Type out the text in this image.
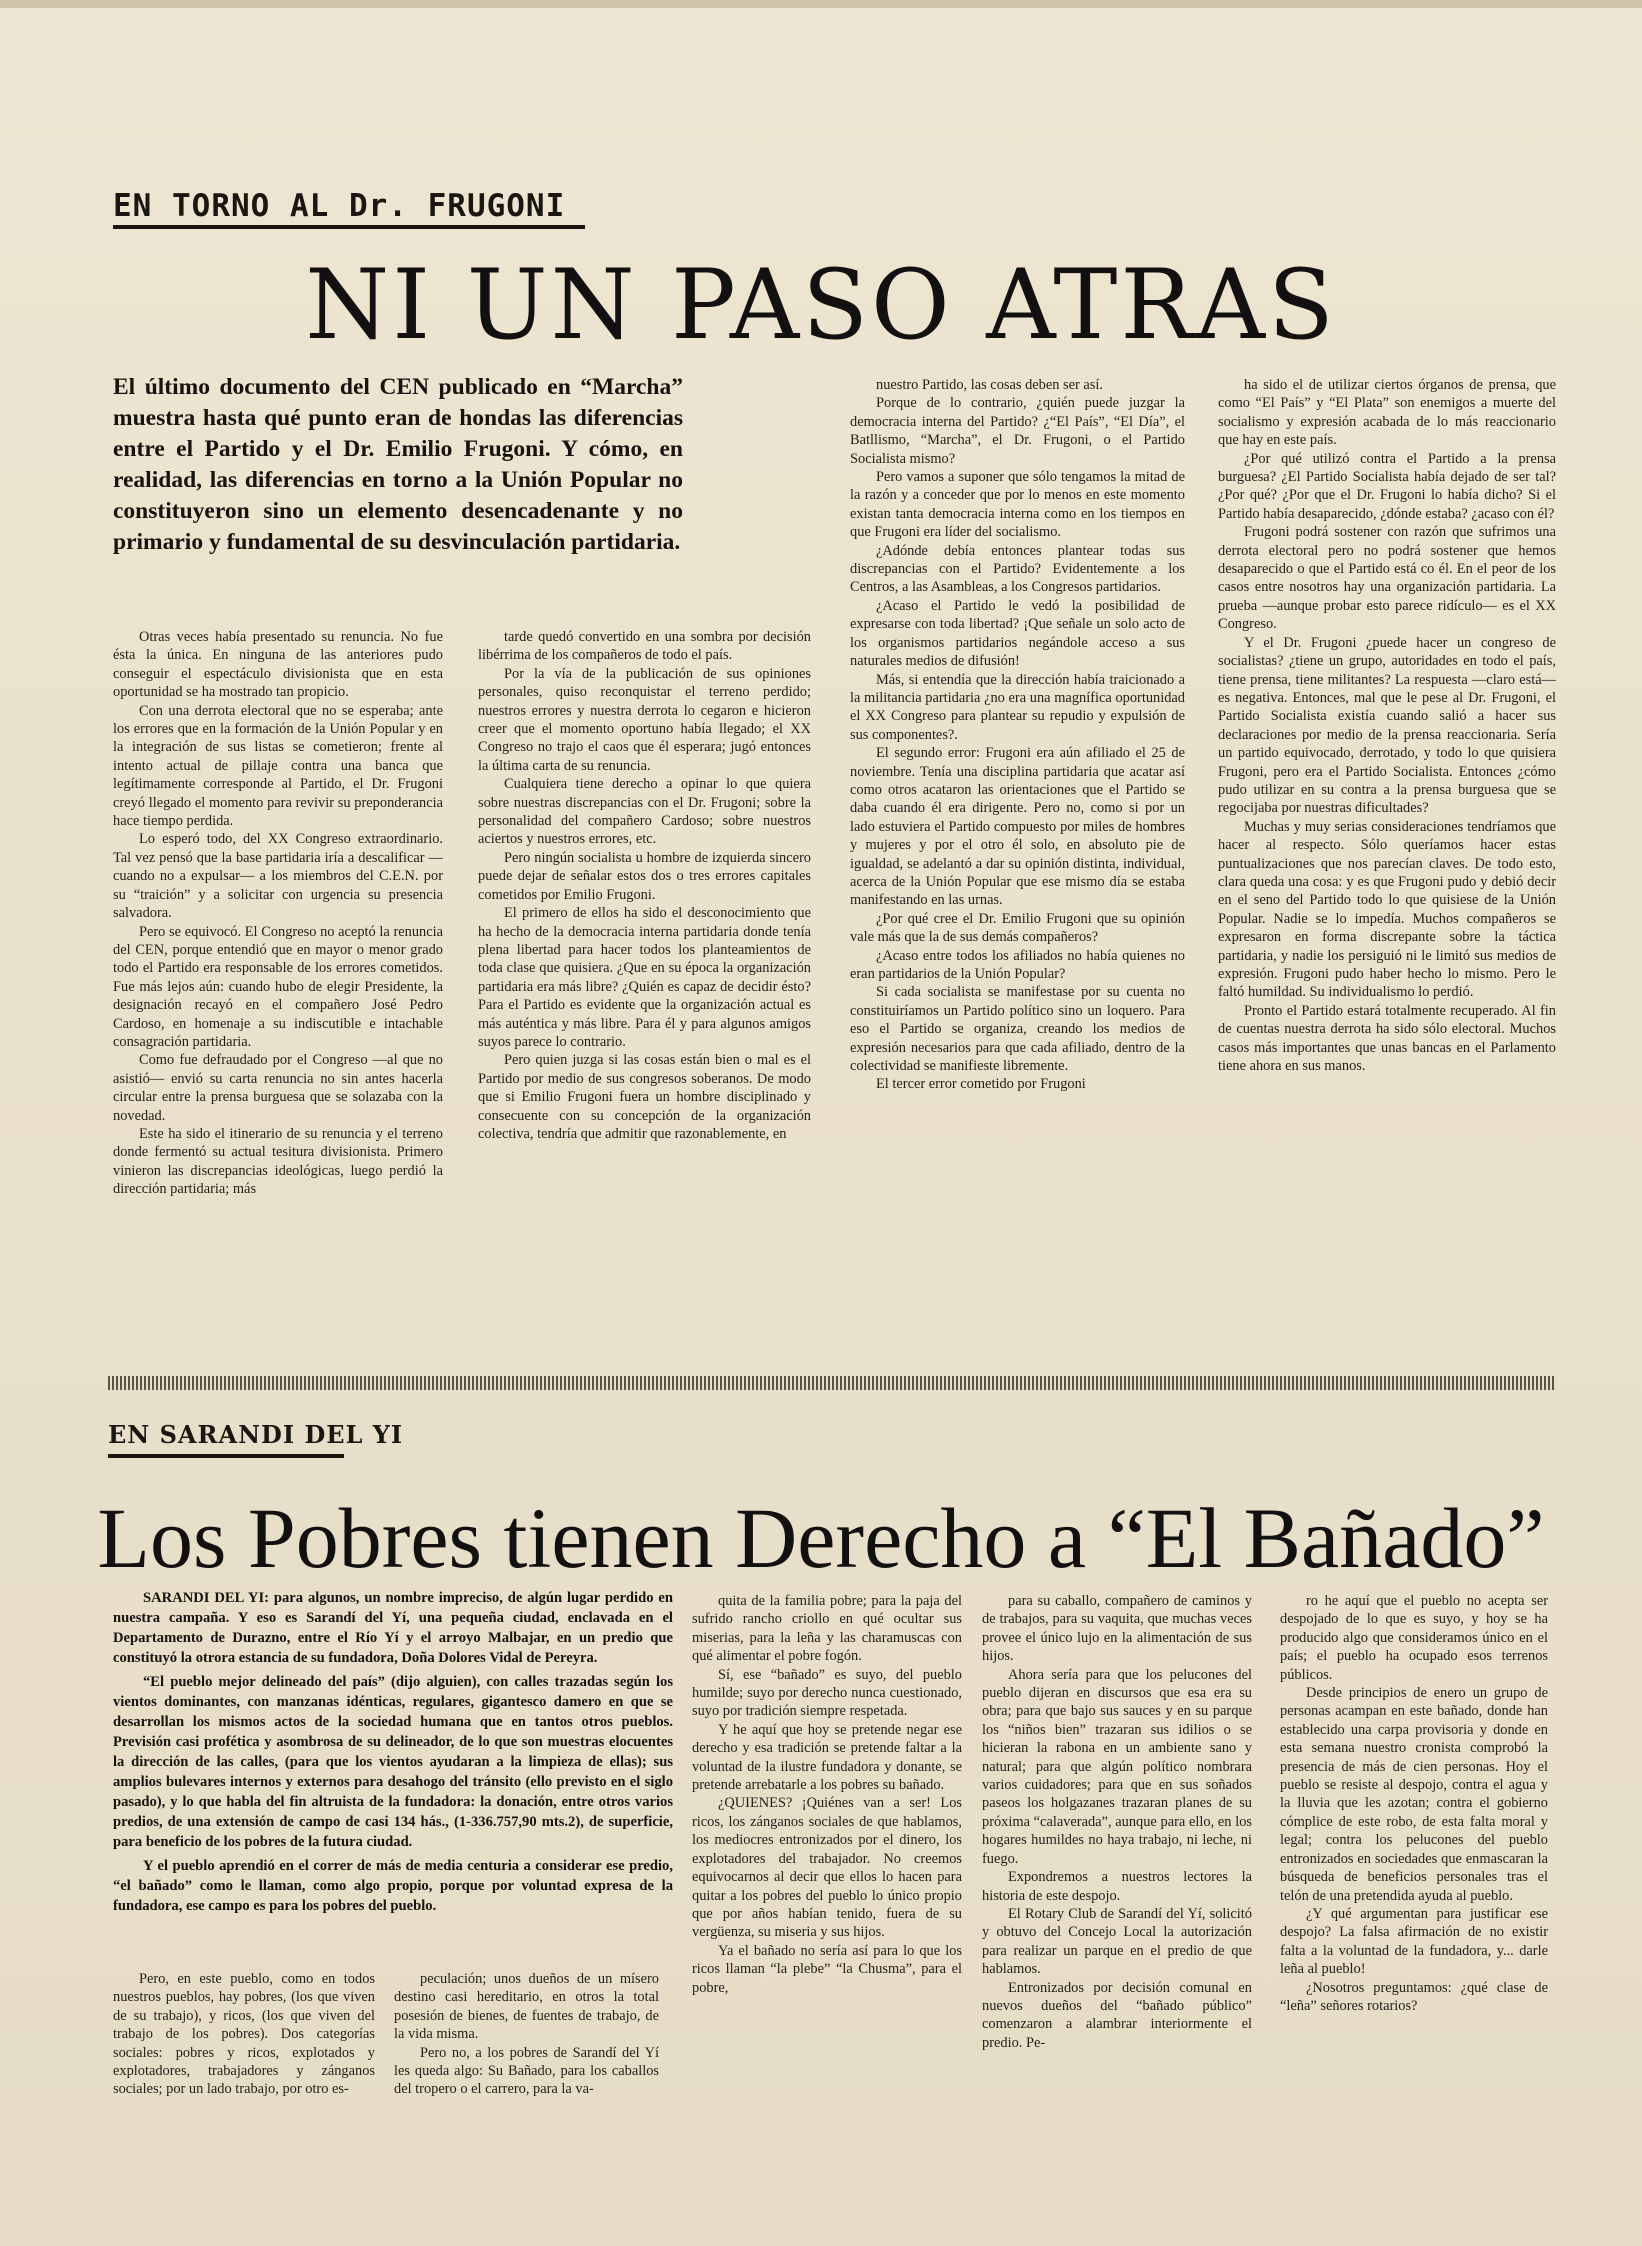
EN TORNO AL Dr. FRUGONI
NI UN PASO ATRAS
El último documento del CEN publicado en “Marcha” muestra hasta qué punto eran de hondas las diferencias entre el Partido y el Dr. Emilio Frugoni. Y cómo, en realidad, las diferencias en torno a la Unión Popular no constituyeron sino un elemento desencadenante y no primario y fundamental de su desvinculación partidaria.

Otras veces había presentado su renuncia. No fue ésta la única. En ninguna de las anteriores pudo conseguir el espectáculo divisionista que en esta oportunidad se ha mostrado tan propicio.

Con una derrota electoral que no se esperaba; ante los errores que en la formación de la Unión Popular y en la integración de sus listas se cometieron; frente al intento actual de pillaje contra una banca que legítimamente corresponde al Partido, el Dr. Frugoni creyó llegado el momento para revivir su preponderancia hace tiempo perdida.

Lo esperó todo, del XX Congreso extraordinario. Tal vez pensó que la base partidaria iría a descalificar —cuando no a expulsar— a los miembros del C.E.N. por su “traición” y a solicitar con urgencia su presencia salvadora.

Pero se equivocó. El Congreso no aceptó la renuncia del CEN, porque entendió que en mayor o menor grado todo el Partido era responsable de los errores cometidos. Fue más lejos aún: cuando hubo de elegir Presidente, la designación recayó en el compañero José Pedro Cardoso, en homenaje a su indiscutible e intachable consagración partidaria.

Como fue defraudado por el Congreso —al que no asistió— envió su carta renuncia no sin antes hacerla circular entre la prensa burguesa que se solazaba con la novedad.

Este ha sido el itinerario de su renuncia y el terreno donde fermentó su actual tesitura divisionista. Primero vinieron las discrepancias ideológicas, luego perdió la dirección partidaria; más

tarde quedó convertido en una sombra por decisión libérrima de los compañeros de todo el país.

Por la vía de la publicación de sus opiniones personales, quiso reconquistar el terreno perdido; nuestros errores y nuestra derrota lo cegaron e hicieron creer que el momento oportuno había llegado; el XX Congreso no trajo el caos que él esperara; jugó entonces la última carta de su renuncia.

Cualquiera tiene derecho a opinar lo que quiera sobre nuestras discrepancias con el Dr. Frugoni; sobre la personalidad del compañero Cardoso; sobre nuestros aciertos y nuestros errores, etc.

Pero ningún socialista u hombre de izquierda sincero puede dejar de señalar estos dos o tres errores capitales cometidos por Emilio Frugoni.

El primero de ellos ha sido el desconocimiento que ha hecho de la democracia interna partidaria donde tenía plena libertad para hacer todos los planteamientos de toda clase que quisiera. ¿Que en su época la organización partidaria era más libre? ¿Quién es capaz de decidir ésto? Para el Partido es evidente que la organización actual es más auténtica y más libre. Para él y para algunos amigos suyos parece lo contrario.

Pero quien juzga si las cosas están bien o mal es el Partido por medio de sus congresos soberanos. De modo que si Emilio Frugoni fuera un hombre disciplinado y consecuente con su concepción de la organización colectiva, tendría que admitir que razonablemente, en

nuestro Partido, las cosas deben ser así.

Porque de lo contrario, ¿quién puede juzgar la democracia interna del Partido? ¿“El País”, “El Día”, el Batllismo, “Marcha”, el Dr. Frugoni, o el Partido Socialista mismo?

Pero vamos a suponer que sólo tengamos la mitad de la razón y a conceder que por lo menos en este momento existan tanta democracia interna como en los tiempos en que Frugoni era líder del socialismo.

¿Adónde debía entonces plantear todas sus discrepancias con el Partido? Evidentemente a los Centros, a las Asambleas, a los Congresos partidarios.

¿Acaso el Partido le vedó la posibilidad de expresarse con toda libertad? ¡Que señale un solo acto de los organismos partidarios negándole acceso a sus naturales medios de difusión!

Más, si entendía que la dirección había traicionado a la militancia partidaria ¿no era una magnífica oportunidad el XX Congreso para plantear su repudio y expulsión de sus componentes?.

El segundo error: Frugoni era aún afiliado el 25 de noviembre. Tenía una disciplina partidaria que acatar así como otros acataron las orientaciones que el Partido se daba cuando él era dirigente. Pero no, como si por un lado estuviera el Partido compuesto por miles de hombres y mujeres y por el otro él solo, en absoluto pie de igualdad, se adelantó a dar su opinión distinta, individual, acerca de la Unión Popular que ese mismo día se estaba manifestando en las urnas.

¿Por qué cree el Dr. Emilio Frugoni que su opinión vale más que la de sus demás compañeros?

¿Acaso entre todos los afiliados no había quienes no eran partidarios de la Unión Popular?

Si cada socialista se manifestase por su cuenta no constituiríamos un Partido político sino un loquero. Para eso el Partido se organiza, creando los medios de expresión necesarios para que cada afiliado, dentro de la colectividad se manifieste libremente.

El tercer error cometido por Frugoni

ha sido el de utilizar ciertos órganos de prensa, que como “El País” y “El Plata” son enemigos a muerte del socialismo y expresión acabada de lo más reaccionario que hay en este país.

¿Por qué utilizó contra el Partido a la prensa burguesa? ¿El Partido Socialista había dejado de ser tal? ¿Por qué? ¿Por que el Dr. Frugoni lo había dicho? Si el Partido había desaparecido, ¿dónde estaba? ¿acaso con él?

Frugoni podrá sostener con razón que sufrimos una derrota electoral pero no podrá sostener que hemos desaparecido o que el Partido está co él. En el peor de los casos entre nosotros hay una organización partidaria. La prueba —aunque probar esto parece ridículo— es el XX Congreso.

Y el Dr. Frugoni ¿puede hacer un congreso de socialistas? ¿tiene un grupo, autoridades en todo el país, tiene prensa, tiene militantes? La respuesta —claro está— es negativa. Entonces, mal que le pese al Dr. Frugoni, el Partido Socialista existía cuando salió a hacer sus declaraciones por medio de la prensa reaccionaria. Sería un partido equivocado, derrotado, y todo lo que quisiera Frugoni, pero era el Partido Socialista. Entonces ¿cómo pudo utilizar en su contra a la prensa burguesa que se regocijaba por nuestras dificultades?

Muchas y muy serias consideraciones tendríamos que hacer al respecto. Sólo queríamos hacer estas puntualizaciones que nos parecían claves. De todo esto, clara queda una cosa: y es que Frugoni pudo y debió decir en el seno del Partido todo lo que quisiese de la Unión Popular. Nadie se lo impedía. Muchos compañeros se expresaron en forma discrepante sobre la táctica partidaria, y nadie los persiguió ni le limitó sus medios de expresión. Frugoni pudo haber hecho lo mismo. Pero le faltó humildad. Su individualismo lo perdió.

Pronto el Partido estará totalmente recuperado. Al fin de cuentas nuestra derrota ha sido sólo electoral. Muchos casos más importantes que unas bancas en el Parlamento tiene ahora en sus manos.

EN SARANDI DEL YI
Los Pobres tienen Derecho a “El Bañado”

SARANDI DEL YI: para algunos, un nombre impreciso, de algún lugar perdido en nuestra campaña. Y eso es Sarandí del Yí, una pequeña ciudad, enclavada en el Departamento de Durazno, entre el Río Yí y el arroyo Malbajar, en un predio que constituyó la otrora estancia de su fundadora, Doña Dolores Vidal de Pereyra.

“El pueblo mejor delineado del país” (dijo alguien), con calles trazadas según los vientos dominantes, con manzanas idénticas, regulares, gigantesco damero en que se desarrollan los mismos actos de la sociedad humana que en tantos otros pueblos. Previsión casi profética y asombrosa de su delineador, de lo que son muestras elocuentes la dirección de las calles, (para que los vientos ayudaran a la limpieza de ellas); sus amplios bulevares internos y externos para desahogo del tránsito (ello previsto en el siglo pasado), y lo que habla del fin altruista de la fundadora: la donación, entre otros varios predios, de una extensión de campo de casi 134 hás., (1-336.757,90 mts.2), de superficie, para beneficio de los pobres de la futura ciudad.

Y el pueblo aprendió en el correr de más de media centuria a considerar ese predio, “el bañado” como le llaman, como algo propio, porque por voluntad expresa de la fundadora, ese campo es para los pobres del pueblo.

Pero, en este pueblo, como en todos nuestros pueblos, hay pobres, (los que viven de su trabajo), y ricos, (los que viven del trabajo de los pobres). Dos categorías sociales: pobres y ricos, explotados y explotadores, trabajadores y zánganos sociales; por un lado trabajo, por otro es-

peculación; unos dueños de un mísero destino casi hereditario, en otros la total posesión de bienes, de fuentes de trabajo, de la vida misma.

Pero no, a los pobres de Sarandí del Yí les queda algo: Su Bañado, para los caballos del tropero o el carrero, para la va-

quita de la familia pobre; para la paja del sufrido rancho criollo en qué ocultar sus miserias, para la leña y las charamuscas con qué alimentar el pobre fogón.

Sí, ese “bañado” es suyo, del pueblo humilde; suyo por derecho nunca cuestionado, suyo por tradición siempre respetada.

Y he aquí que hoy se pretende negar ese derecho y esa tradición se pretende faltar a la voluntad de la ilustre fundadora y donante, se pretende arrebatarle a los pobres su bañado.

¿QUIENES? ¡Quiénes van a ser! Los ricos, los zánganos sociales de que hablamos, los mediocres entronizados por el dinero, los explotadores del trabajador. No creemos equivocarnos al decir que ellos lo hacen para quitar a los pobres del pueblo lo único propio que por años habían tenido, fuera de su vergüenza, su miseria y sus hijos.

Ya el bañado no sería así para lo que los ricos llaman “la plebe” “la Chusma”, para el pobre,

para su caballo, compañero de caminos y de trabajos, para su vaquita, que muchas veces provee el único lujo en la alimentación de sus hijos.

Ahora sería para que los pelucones del pueblo dijeran en discursos que esa era su obra; para que bajo sus sauces y en su parque los “niños bien” trazaran sus idilios o se hicieran la rabona en un ambiente sano y natural; para que algún político nombrara varios cuidadores; para que en sus soñados paseos los holgazanes trazaran planes de su próxima “calaverada”, aunque para ello, en los hogares humildes no haya trabajo, ni leche, ni fuego.

Expondremos a nuestros lectores la historia de este despojo.

El Rotary Club de Sarandí del Yí, solicitó y obtuvo del Concejo Local la autorización para realizar un parque en el predio de que hablamos.

Entronizados por decisión comunal en nuevos dueños del “bañado público” comenzaron a alambrar interiormente el predio. Pe-

ro he aquí que el pueblo no acepta ser despojado de lo que es suyo, y hoy se ha producido algo que consideramos único en el país; el pueblo ha ocupado esos terrenos públicos.

Desde principios de enero un grupo de personas acampan en este bañado, donde han establecido una carpa provisoria y donde en esta semana nuestro cronista comprobó la presencia de más de cien personas. Hoy el pueblo se resiste al despojo, contra el agua y la lluvia que les azotan; contra el gobierno cómplice de este robo, de esta falta moral y legal; contra los pelucones del pueblo entronizados en sociedades que enmascaran la búsqueda de beneficios personales tras el telón de una pretendida ayuda al pueblo.

¿Y qué argumentan para justificar ese despojo? La falsa afirmación de no existir falta a la voluntad de la fundadora, y... darle leña al pueblo!

¿Nosotros preguntamos: ¿qué clase de “leña” señores rotarios?
